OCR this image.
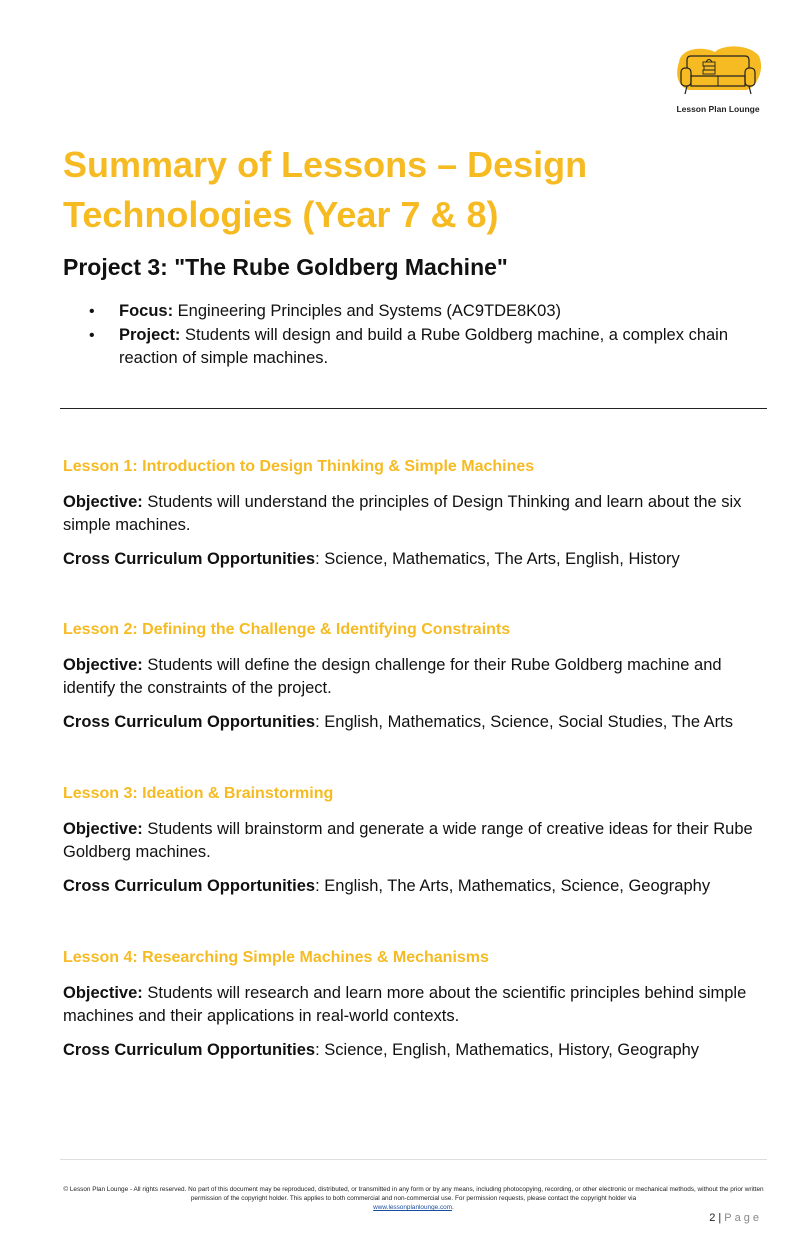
Lesson Plan Lounge
Summary of Lessons – Design Technologies (Year 7 & 8)
Project 3: "The Rube Goldberg Machine"
• Focus: Engineering Principles and Systems (AC9TDE8K03)
• Project: Students will design and build a Rube Goldberg machine, a complex chain reaction of simple machines.

Lesson 1: Introduction to Design Thinking & Simple Machines

Objective: Students will understand the principles of Design Thinking and learn about the six simple machines.

Cross Curriculum Opportunities: Science, Mathematics, The Arts, English, History

Lesson 2: Defining the Challenge & Identifying Constraints

Objective: Students will define the design challenge for their Rube Goldberg machine and identify the constraints of the project.

Cross Curriculum Opportunities: English, Mathematics, Science, Social Studies, The Arts

Lesson 3: Ideation & Brainstorming

Objective: Students will brainstorm and generate a wide range of creative ideas for their Rube Goldberg machines.

Cross Curriculum Opportunities: English, The Arts, Mathematics, Science, Geography

Lesson 4: Researching Simple Machines & Mechanisms

Objective: Students will research and learn more about the scientific principles behind simple machines and their applications in real-world contexts.

Cross Curriculum Opportunities: Science, English, Mathematics, History, Geography

© Lesson Plan Lounge - All rights reserved. No part of this document may be reproduced, distributed, or transmitted in any form or by any means, including photocopying, recording, or other electronic or mechanical methods, without the prior written permission of the copyright holder. This applies to both commercial and non-commercial use. For permission requests, please contact the copyright holder via
www.lessonplanlounge.com.
2 | Page
